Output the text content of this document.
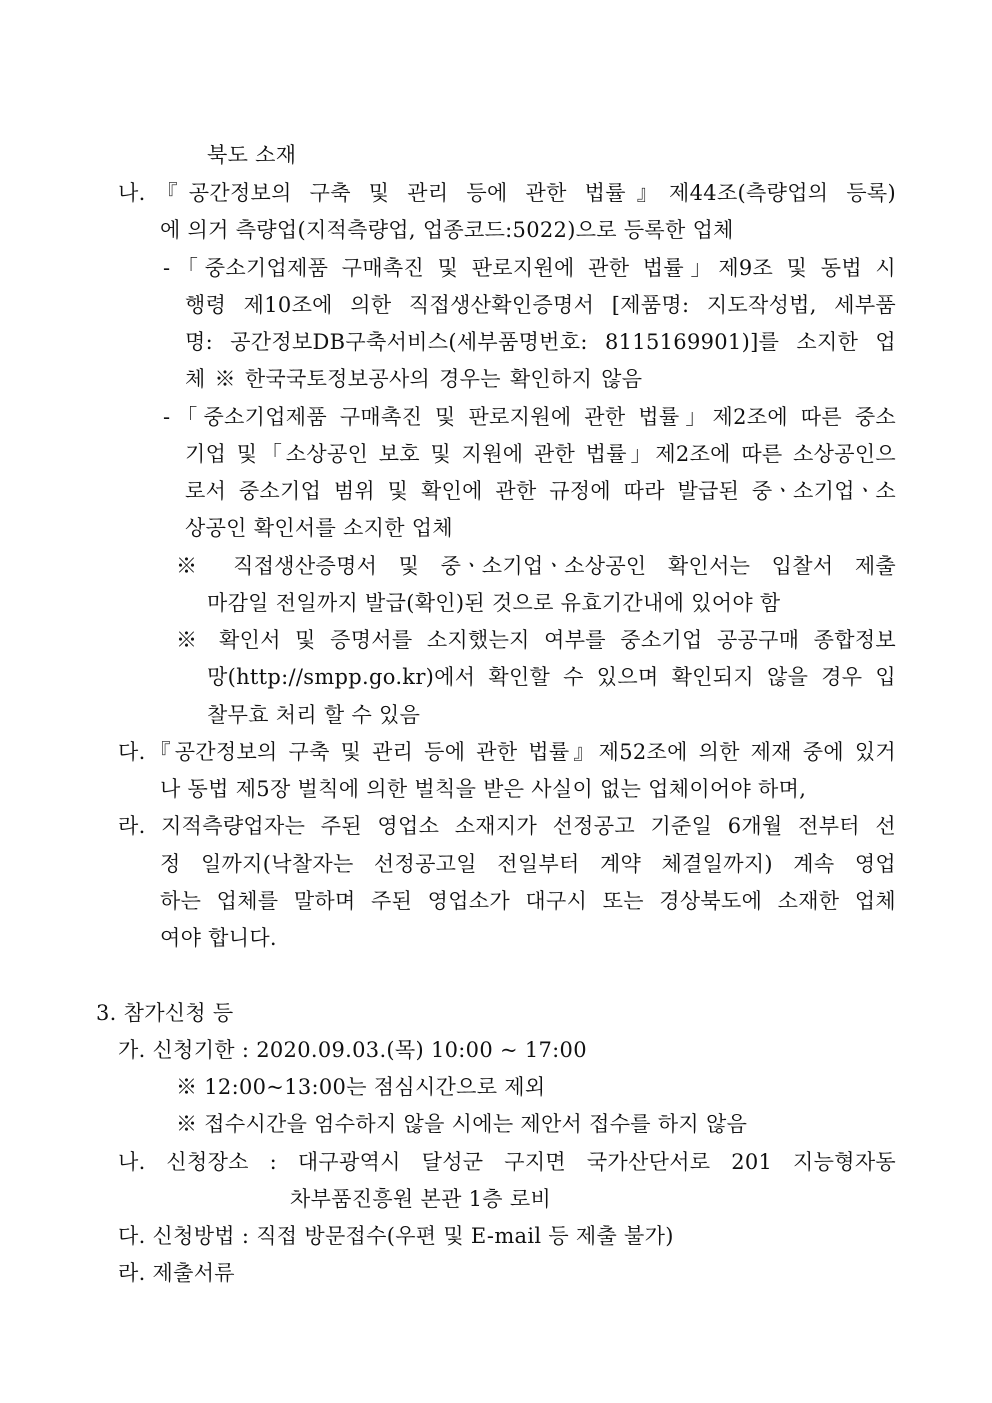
북도 소재
나.『공간정보의 구축 및 관리 등에 관한 법률』제44조(측량업의 등록)
에 의거 측량업(지적측량업, 업종코드:5022)으로 등록한 업체
-「중소기업제품 구매촉진 및 판로지원에 관한 법률」제9조 및 동법 시
행령 제10조에 의한 직접생산확인증명서 [제품명: 지도작성법, 세부품
명: 공간정보DB구축서비스(세부품명번호: 8115169901)]를 소지한 업
체 ※ 한국국토정보공사의 경우는 확인하지 않음
-「중소기업제품 구매촉진 및 판로지원에 관한 법률」제2조에 따른 중소
기업 및「소상공인 보호 및 지원에 관한 법률」제2조에 따른 소상공인으
로서 중소기업 범위 및 확인에 관한 규정에 따라 발급된 중ㆍ소기업ㆍ소
상공인 확인서를 소지한 업체
※ 직접생산증명서 및 중ㆍ소기업ㆍ소상공인 확인서는 입찰서 제출
마감일 전일까지 발급(확인)된 것으로 유효기간내에 있어야 함
※ 확인서 및 증명서를 소지했는지 여부를 중소기업 공공구매 종합정보
망(http://smpp.go.kr)에서 확인할 수 있으며 확인되지 않을 경우 입
찰무효 처리 할 수 있음
다.『공간정보의 구축 및 관리 등에 관한 법률』제52조에 의한 제재 중에 있거
나 동법 제5장 벌칙에 의한 벌칙을 받은 사실이 없는 업체이어야 하며,
라. 지적측량업자는 주된 영업소 소재지가 선정공고 기준일 6개월 전부터 선
정 일까지(낙찰자는 선정공고일 전일부터 계약 체결일까지) 계속 영업
하는 업체를 말하며 주된 영업소가 대구시 또는 경상북도에 소재한 업체
여야 합니다.
3. 참가신청 등
가. 신청기한 : 2020.09.03.(목) 10:00 ~ 17:00
※ 12:00~13:00는 점심시간으로 제외
※ 접수시간을 엄수하지 않을 시에는 제안서 접수를 하지 않음
나. 신청장소 : 대구광역시 달성군 구지면 국가산단서로 201 지능형자동
차부품진흥원 본관 1층 로비
다. 신청방법 : 직접 방문접수(우편 및 E-mail 등 제출 불가)
라. 제출서류
